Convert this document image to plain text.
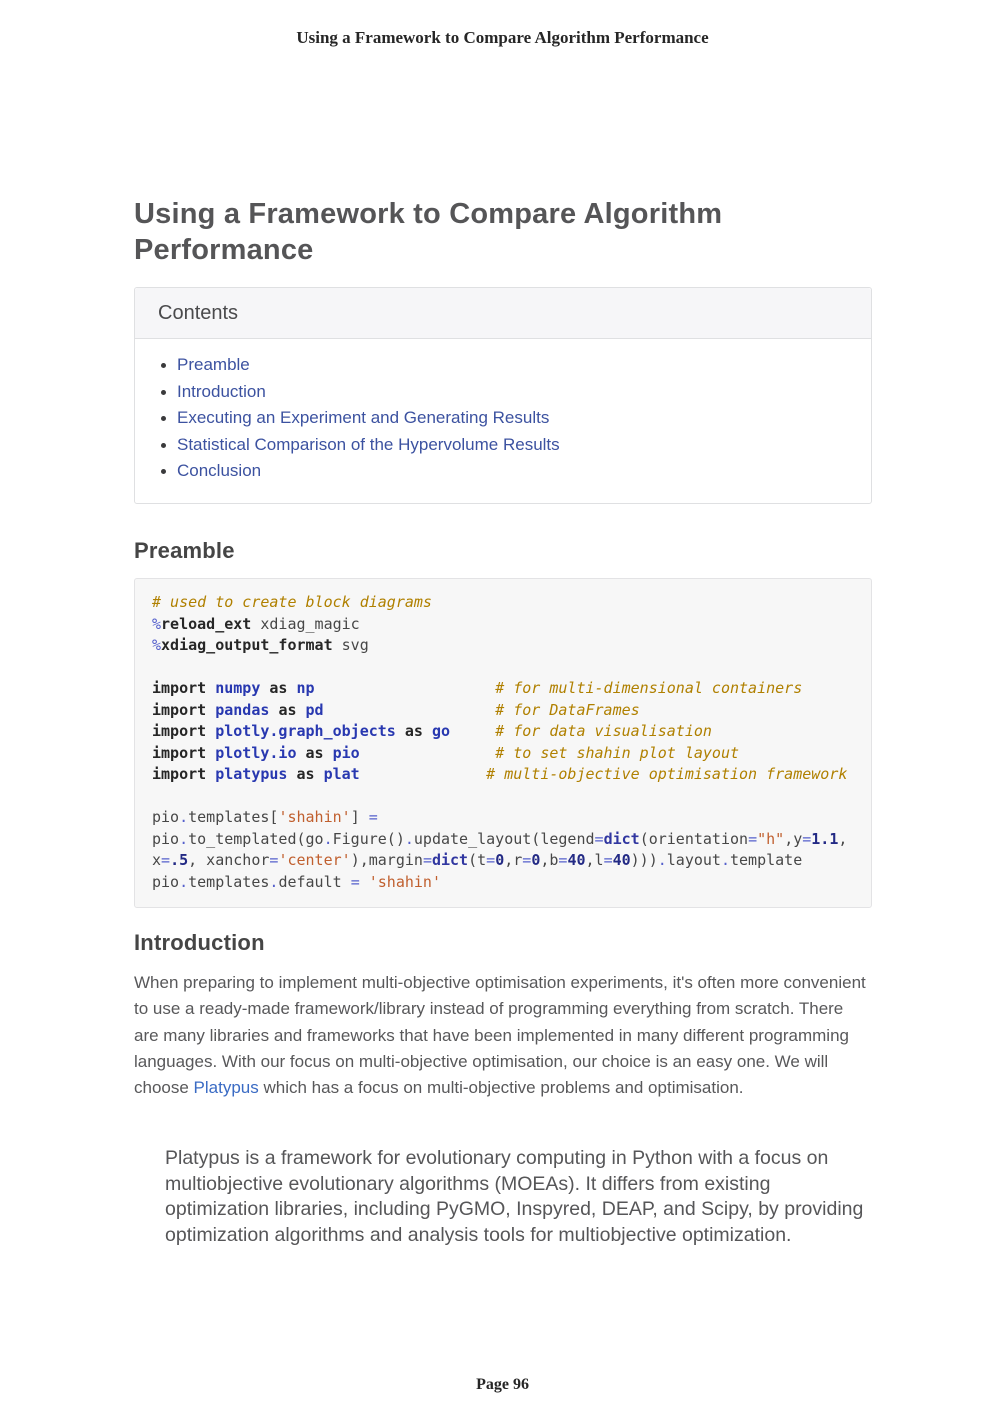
Using a Framework to Compare Algorithm Performance
Using a Framework to Compare Algorithm Performance
Contents
Preamble
Introduction
Executing an Experiment and Generating Results
Statistical Comparison of the Hypervolume Results
Conclusion
Preamble
# used to create block diagrams
%reload_ext xdiag_magic
%xdiag_output_format svg

import numpy as np	# for multi-dimensional containers
import pandas as pd	# for DataFrames
import plotly.graph_objects as go	# for data visualisation
import plotly.io as pio	# to set shahin plot layout
import platypus as plat	# multi-objective optimisation framework

pio.templates['shahin'] =
pio.to_templated(go.Figure().update_layout(legend=dict(orientation="h",y=1.1,
x=.5, xanchor='center'),margin=dict(t=0,r=0,b=40,l=40))).layout.template
pio.templates.default = 'shahin'

Introduction

When preparing to implement multi-objective optimisation experiments, it's often more convenient to use a ready-made framework/library instead of programming everything from scratch. There are many libraries and frameworks that have been implemented in many different programming languages. With our focus on multi-objective optimisation, our choice is an easy one. We will choose Platypus which has a focus on multi-objective problems and optimisation.

Platypus is a framework for evolutionary computing in Python with a focus on multiobjective evolutionary algorithms (MOEAs). It differs from existing optimization libraries, including PyGMO, Inspyred, DEAP, and Scipy, by providing optimization algorithms and analysis tools for multiobjective optimization.
Page 96
